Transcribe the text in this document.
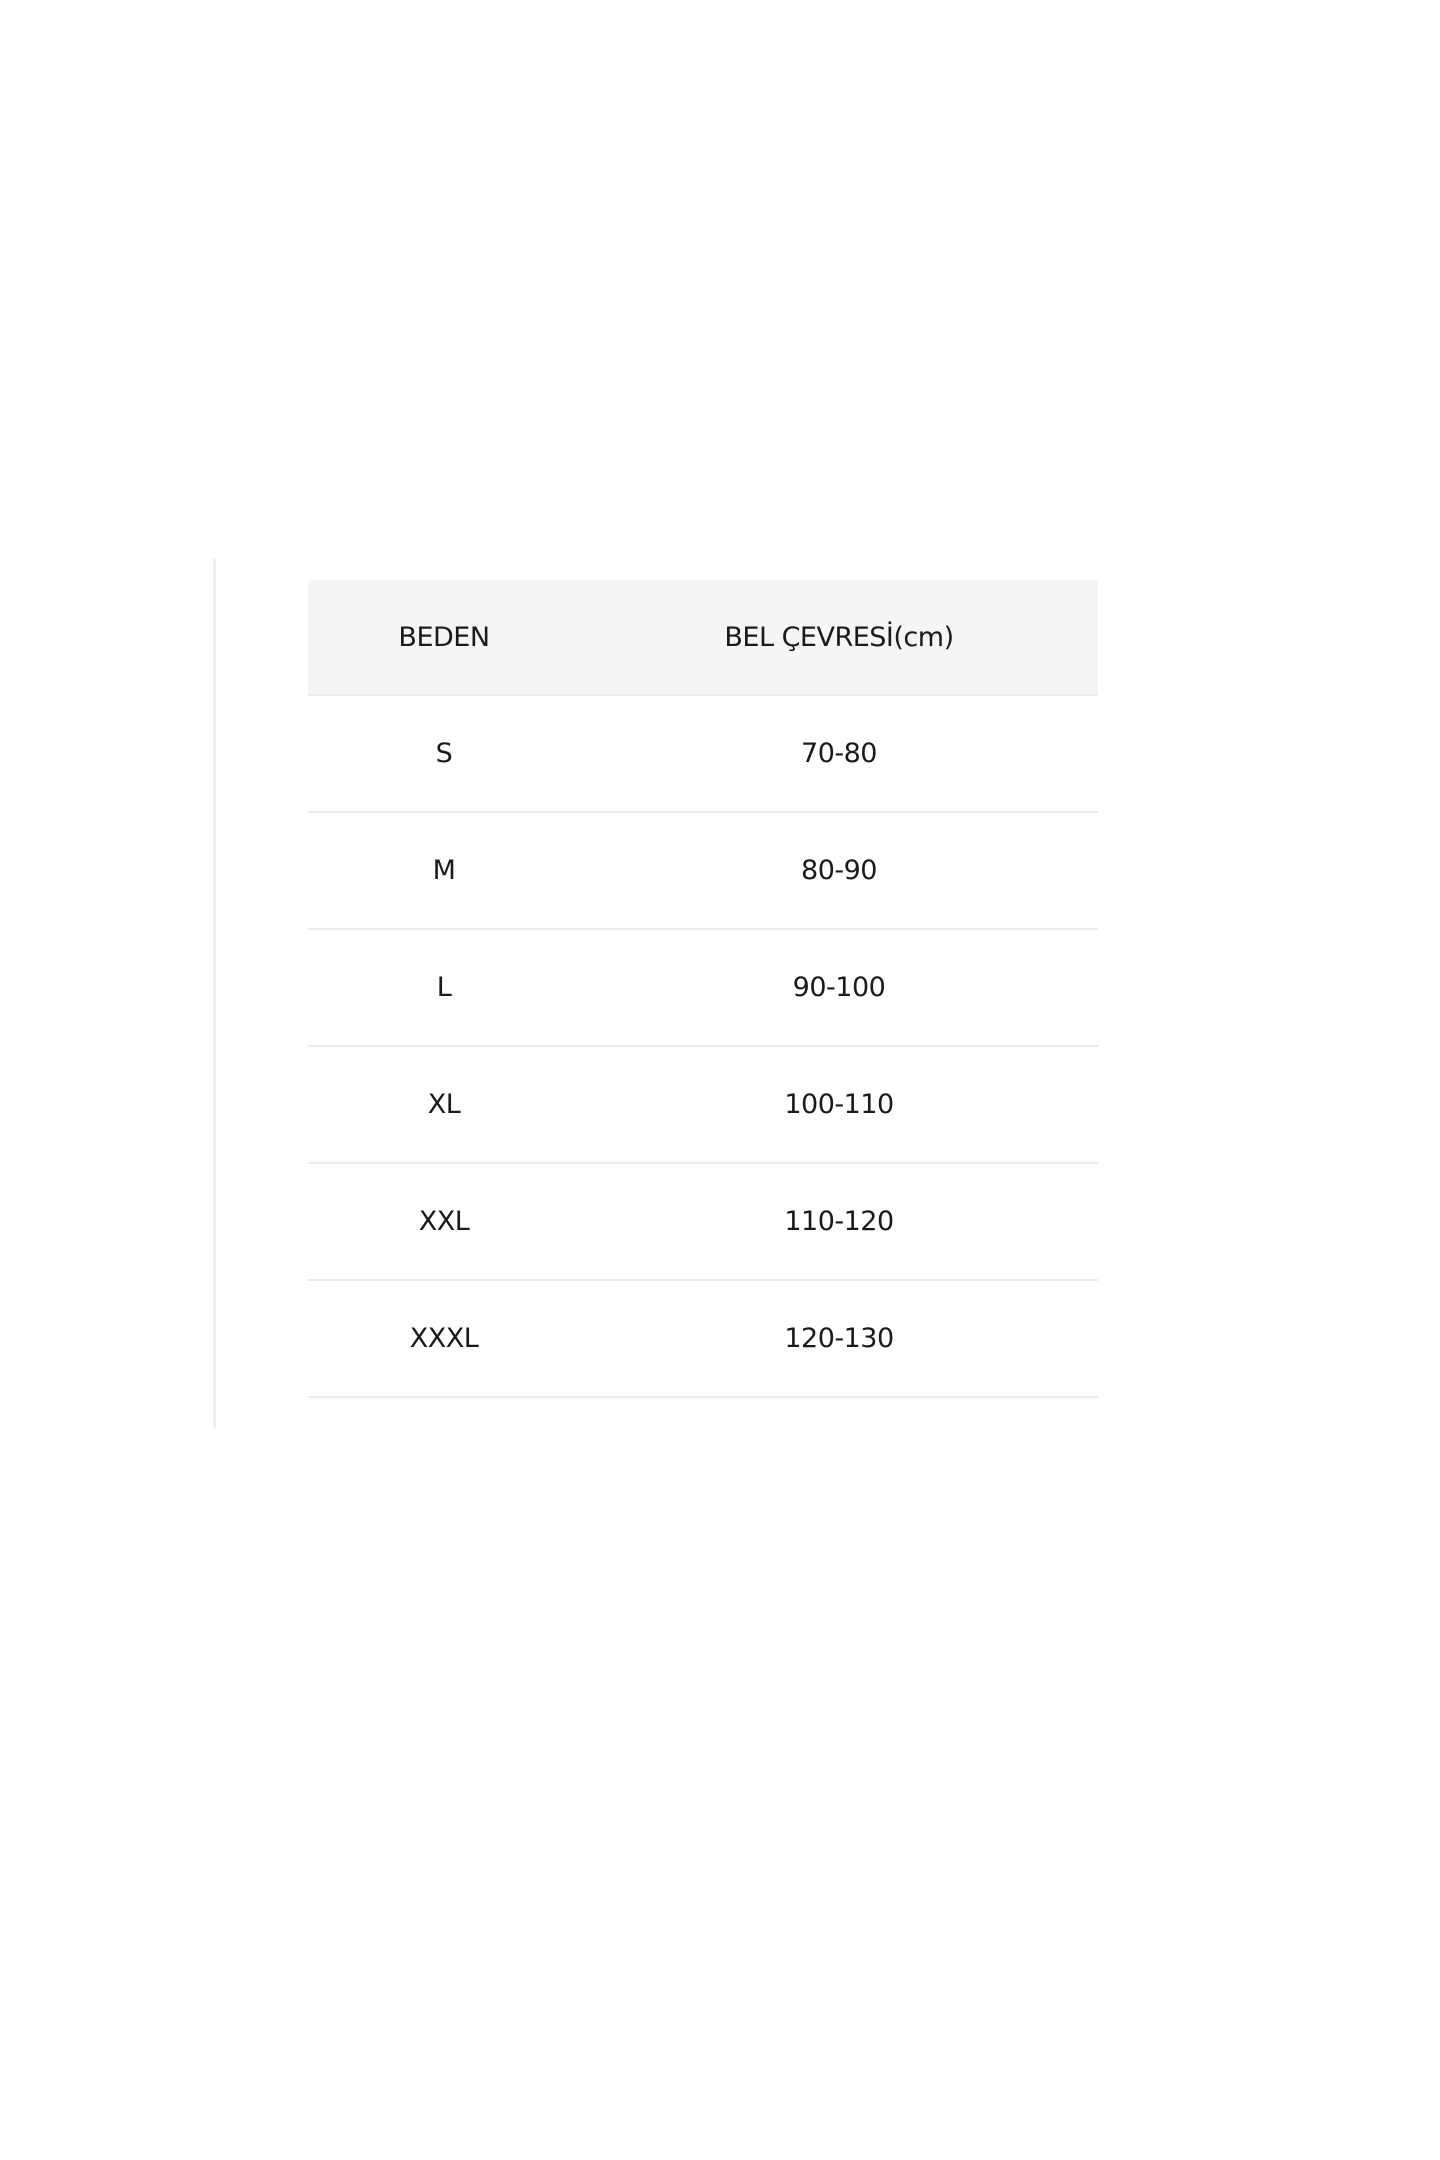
BEDEN	BEL ÇEVRESİ(cm)
S	70-80
M	80-90
L	90-100
XL	100-110
XXL	110-120
XXXL	120-130
